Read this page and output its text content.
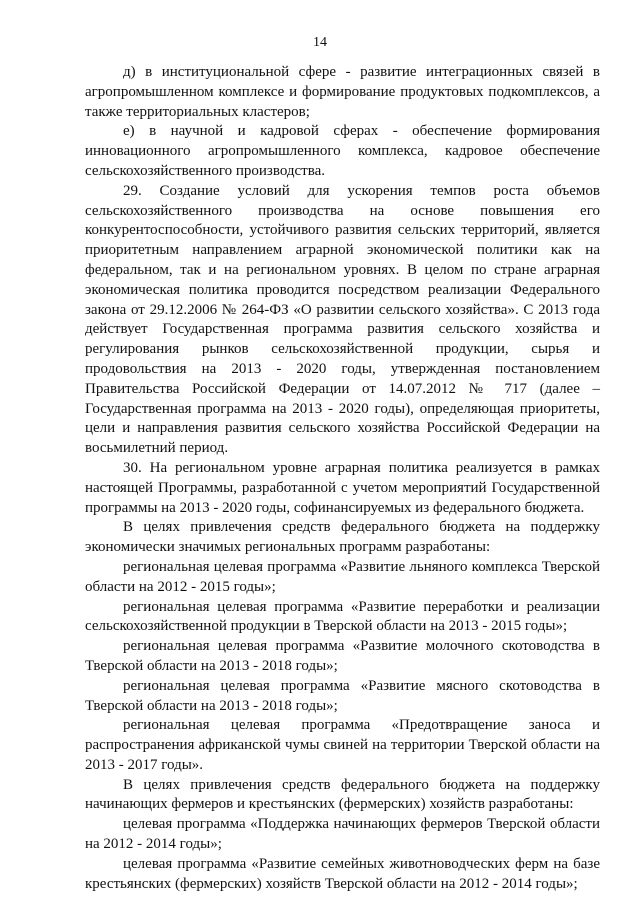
14

д) в институциональной сфере - развитие интеграционных связей в агропромышленном комплексе и формирование продуктовых подкомплексов, а также территориальных кластеров;

е) в научной и кадровой сферах - обеспечение формирования инновационного агропромышленного комплекса, кадровое обеспечение сельскохозяйственного производства.

29. Создание условий для ускорения темпов роста объемов сельскохозяйственного производства на основе повышения его конкурентоспособности, устойчивого развития сельских территорий, является приоритетным направлением аграрной экономической политики как на федеральном, так и на региональном уровнях. В целом по стране аграрная экономическая политика проводится посредством реализации Федерального закона от 29.12.2006 № 264-ФЗ «О развитии сельского хозяйства». С 2013 года действует Государственная программа развития сельского хозяйства и регулирования рынков сельскохозяйственной продукции, сырья и продовольствия на 2013 - 2020 годы, утвержденная постановлением Правительства Российской Федерации от 14.07.2012 № 717 (далее – Государственная программа на 2013 - 2020 годы), определяющая приоритеты, цели и направления развития сельского хозяйства Российской Федерации на восьмилетний период.

30. На региональном уровне аграрная политика реализуется в рамках настоящей Программы, разработанной с учетом мероприятий Государственной программы на 2013 - 2020 годы, софинансируемых из федерального бюджета.

В целях привлечения средств федерального бюджета на поддержку экономически значимых региональных программ разработаны:

региональная целевая программа «Развитие льняного комплекса Тверской области на 2012 - 2015 годы»;

региональная целевая программа «Развитие переработки и реализации сельскохозяйственной продукции в Тверской области на 2013 - 2015 годы»;

региональная целевая программа «Развитие молочного скотоводства в Тверской области на 2013 - 2018 годы»;

региональная целевая программа «Развитие мясного скотоводства в Тверской области на 2013 - 2018 годы»;

региональная целевая программа «Предотвращение заноса и распространения африканской чумы свиней на территории Тверской области на 2013 - 2017 годы».

В целях привлечения средств федерального бюджета на поддержку начинающих фермеров и крестьянских (фермерских) хозяйств разработаны:

целевая программа «Поддержка начинающих фермеров Тверской области на 2012 - 2014 годы»;

целевая программа «Развитие семейных животноводческих ферм на базе крестьянских (фермерских) хозяйств Тверской области на 2012 - 2014 годы»;
